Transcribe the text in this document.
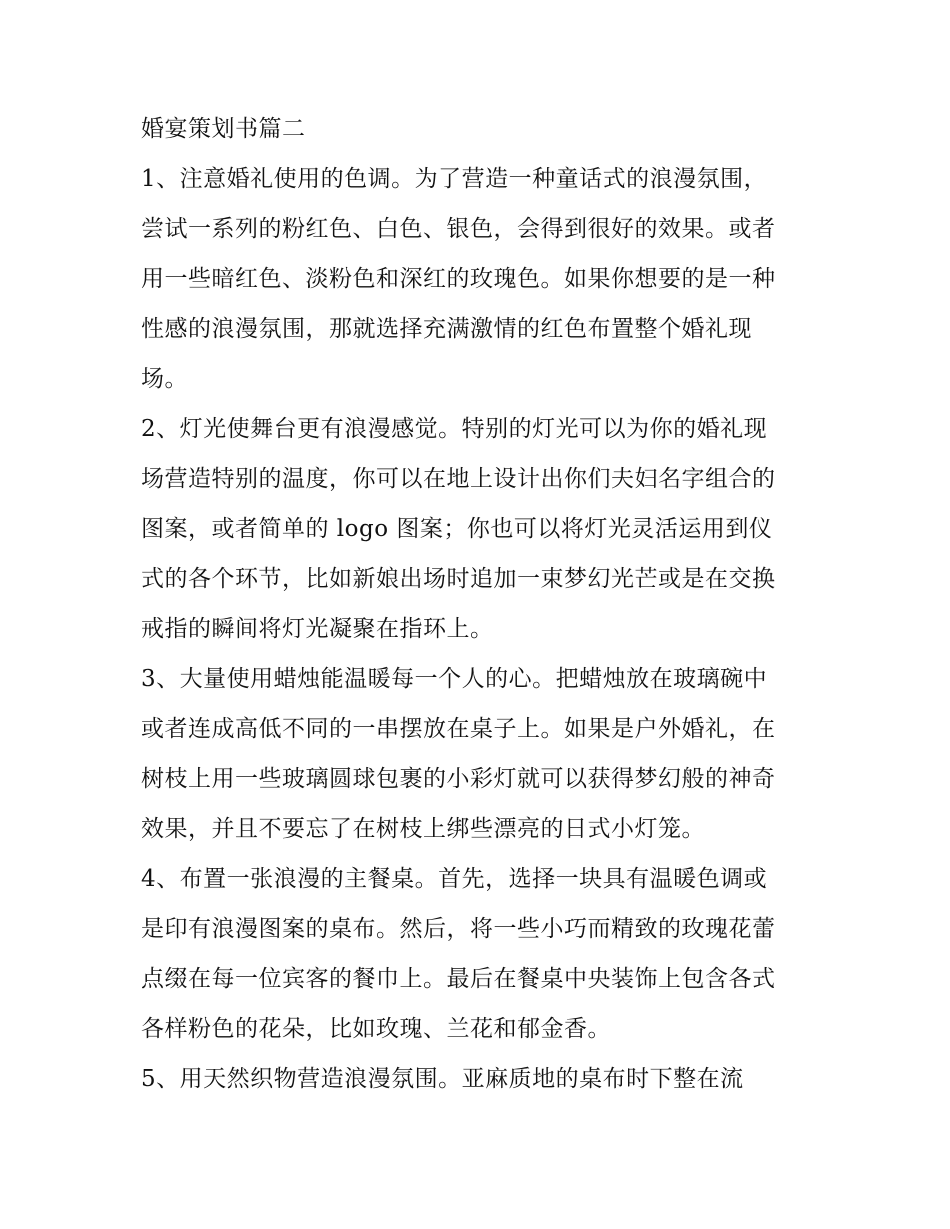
婚宴策划书篇二

1、注意婚礼使用的色调。为了营造一种童话式的浪漫氛围，
尝试一系列的粉红色、白色、银色，会得到很好的效果。或者
用一些暗红色、淡粉色和深红的玫瑰色。如果你想要的是一种
性感的浪漫氛围，那就选择充满激情的红色布置整个婚礼现
场。

2、灯光使舞台更有浪漫感觉。特别的灯光可以为你的婚礼现
场营造特别的温度，你可以在地上设计出你们夫妇名字组合的
图案，或者简单的 logo 图案；你也可以将灯光灵活运用到仪
式的各个环节，比如新娘出场时追加一束梦幻光芒或是在交换
戒指的瞬间将灯光凝聚在指环上。

3、大量使用蜡烛能温暖每一个人的心。把蜡烛放在玻璃碗中
或者连成高低不同的一串摆放在桌子上。如果是户外婚礼，在
树枝上用一些玻璃圆球包裹的小彩灯就可以获得梦幻般的神奇
效果，并且不要忘了在树枝上绑些漂亮的日式小灯笼。

4、布置一张浪漫的主餐桌。首先，选择一块具有温暖色调或
是印有浪漫图案的桌布。然后，将一些小巧而精致的玫瑰花蕾
点缀在每一位宾客的餐巾上。最后在餐桌中央装饰上包含各式
各样粉色的花朵，比如玫瑰、兰花和郁金香。

5、用天然织物营造浪漫氛围。亚麻质地的桌布时下整在流
